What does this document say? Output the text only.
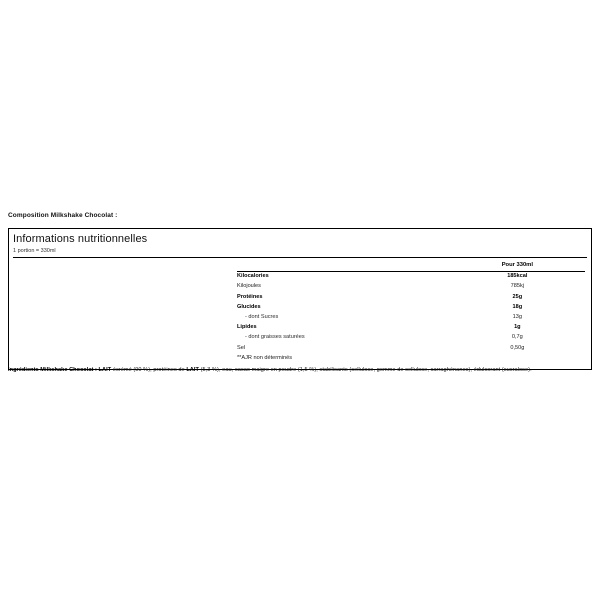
Composition Milkshake Chocolat :
Informations nutritionnelles
1 portion = 330ml
	Pour 330ml

Kilocalories	185kcal
Kilojoules	785kj
Protéines	25g
Glucides	18g
- dont Sucres	13g
Lipides	1g
- dont graisses saturées	0,7g
Sel	0,50g
**AJR non déterminés	
Ingrédients Milkshake Chocolat : LAIT écrémé (90 %), protéines de LAIT (5,3 %), eau, cacao maigre en poudre (1,5 %), stabilisants (cellulose, gomme de cellulose, carraghénanes), édulcorant (sucralose).
